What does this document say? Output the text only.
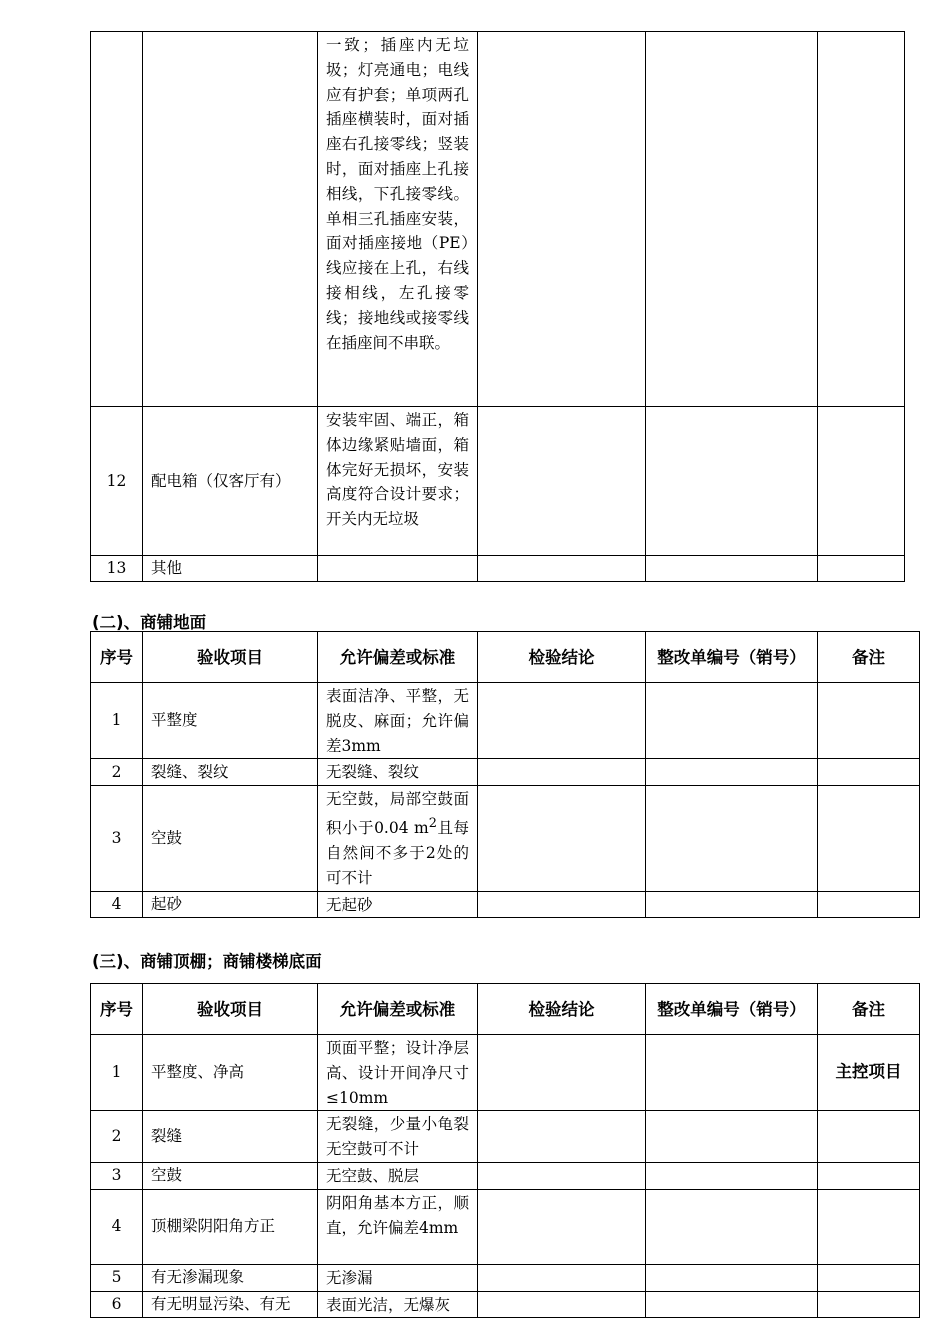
		一致；插座内无垃圾；灯亮通电；电线应有护套；单项两孔插座横装时，面对插座右孔接零线；竖装时，面对插座上孔接相线，下孔接零线。单相三孔插座安装，面对插座接地（PE）线应接在上孔，右线接相线，左孔接零线；接地线或接零线在插座间不串联。			
12	配电箱（仅客厅有）	安装牢固、端正，箱体边缘紧贴墙面，箱体完好无损坏，安装高度符合设计要求；开关内无垃圾			
13	其他				
(二)、商铺地面
序号	验收项目	允许偏差或标准	检验结论	整改单编号（销号）	备注
1	平整度	表面洁净、平整，无脱皮、麻面；允许偏差3mm			
2	裂缝、裂纹	无裂缝、裂纹			
3	空鼓	无空鼓，局部空鼓面积小于0.04 $m^2$且每自然间不多于2处的可不计			
4	起砂	无起砂			
(三)、商铺顶棚；商铺楼梯底面
序号	验收项目	允许偏差或标准	检验结论	整改单编号（销号）	备注
1	平整度、净高	顶面平整；设计净层高、设计开间净尺寸≤10mm			主控项目
2	裂缝	无裂缝，少量小龟裂无空鼓可不计			
3	空鼓	无空鼓、脱层			
4	顶棚梁阴阳角方正	阴阳角基本方正，顺直，允许偏差4mm			
5	有无渗漏现象	无渗漏			
6	有无明显污染、有无	表面光洁，无爆灰			
